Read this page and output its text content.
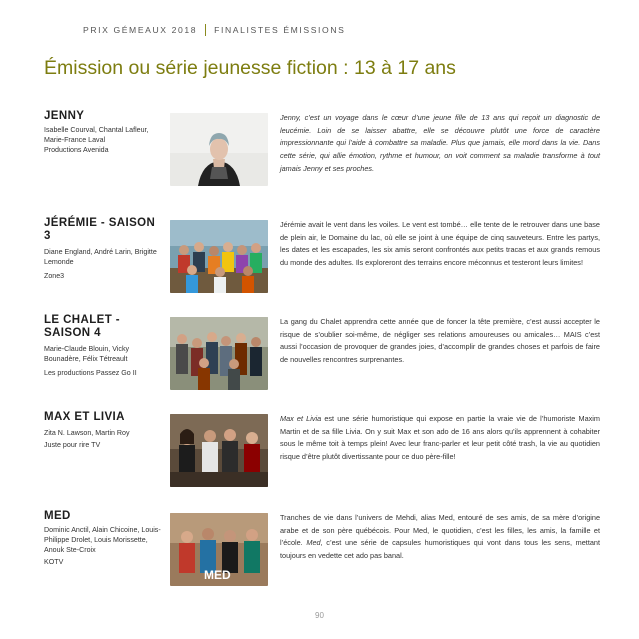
PRIX GÉMEAUX 2018 FINALISTES ÉMISSIONS
Émission ou série jeunesse fiction : 13 à 17 ans
JENNY

Isabelle Courval, Chantal Lafleur, Marie-France Laval

Productions Avenida

Jenny, c’est un voyage dans le cœur d’une jeune fille de 13 ans qui reçoit un diagnostic de leucémie. Loin de se laisser abattre, elle se découvre plutôt une force de caractère impressionnante qui l’aide à combattre sa maladie. Plus que jamais, elle mord dans la vie. Dans cette série, qui allie émotion, rythme et humour, on voit comment sa maladie transforme à tout jamais Jenny et ses proches.

JÉRÉMIE - SAISON 3

Diane England, André Larin, Brigitte Lemonde

Zone3

Jérémie avait le vent dans les voiles. Le vent est tombé… elle tente de le retrouver dans une base de plein air, le Domaine du lac, où elle se joint à une équipe de cinq sauveteurs. Entre les partys, les dates et les escapades, les six amis seront confrontés aux petits tracas et aux grands remous du monde des adultes. Ils exploreront des terrains encore méconnus et testeront leurs limites!

LE CHALET - SAISON 4

Marie-Claude Blouin, Vicky Bounadère, Félix Tétreault

Les productions Passez Go II

La gang du Chalet apprendra cette année que de foncer la tête première, c’est aussi accepter le risque de s’oublier soi-même, de négliger ses relations amoureuses ou amicales… MAIS c’est aussi l’occasion de provoquer de grandes joies, d’accomplir de grandes choses et parfois de faire de nouvelles rencontres surprenantes.

MAX ET LIVIA

Zita N. Lawson, Martin Roy

Juste pour rire TV

Max et Livia est une série humoristique qui expose en partie la vraie vie de l’humoriste Maxim Martin et de sa fille Livia. On y suit Max et son ado de 16 ans alors qu’ils apprennent à cohabiter sous le même toit à temps plein! Avec leur franc-parler et leur petit côté trash, la vie au quotidien risque d’être plutôt divertissante pour ce duo père-fille!

MED

Dominic Anctil, Alain Chicoine, Louis-Philippe Drolet, Louis Morissette, Anouk Ste-Croix

KOTV

MED

Tranches de vie dans l’univers de Mehdi, alias Med, entouré de ses amis, de sa mère d’origine arabe et de son père québécois. Pour Med, le quotidien, c’est les filles, les amis, la famille et l’école. Med, c’est une série de capsules humoristiques qui vont dans tous les sens, mettant toujours en vedette cet ado pas banal.

90
